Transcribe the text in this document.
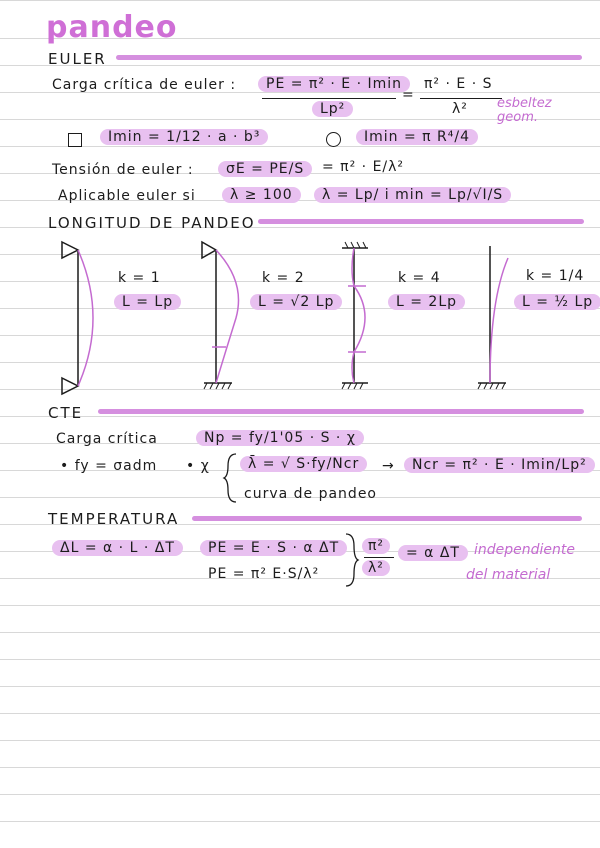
pandeo
EULER
Carga crítica de euler :	PE = π² · E · Imin
Lp²
=
π² · E · S
λ² esbeltez geom.
Imin = 1/12 · a · b³	Imin = π R⁴/4
Tensión de euler :	σE = PE/S	= π² · E/λ²
Aplicable euler si	λ ≥ 100	λ = Lp/ i min = Lp/√I/S
LONGITUD DE PANDEO
k = 1
L = Lp
k = 2
L = √2 Lp
k = 4
L = 2Lp
k = 1/4
L = ½ Lp
CTE
Carga crítica	Np = fy/1'05 · S · χ
• fy = σadm • χ	λ̄ = √ S·fy/Ncr
curva de pandeo
→	Ncr = π² · E · Imin/Lp²
TEMPERATURA
ΔL = α · L · ΔT	PE = E · S · α ΔT
PE = π² E·S/λ²
π²
λ²
= α ΔT	independiente
del material
